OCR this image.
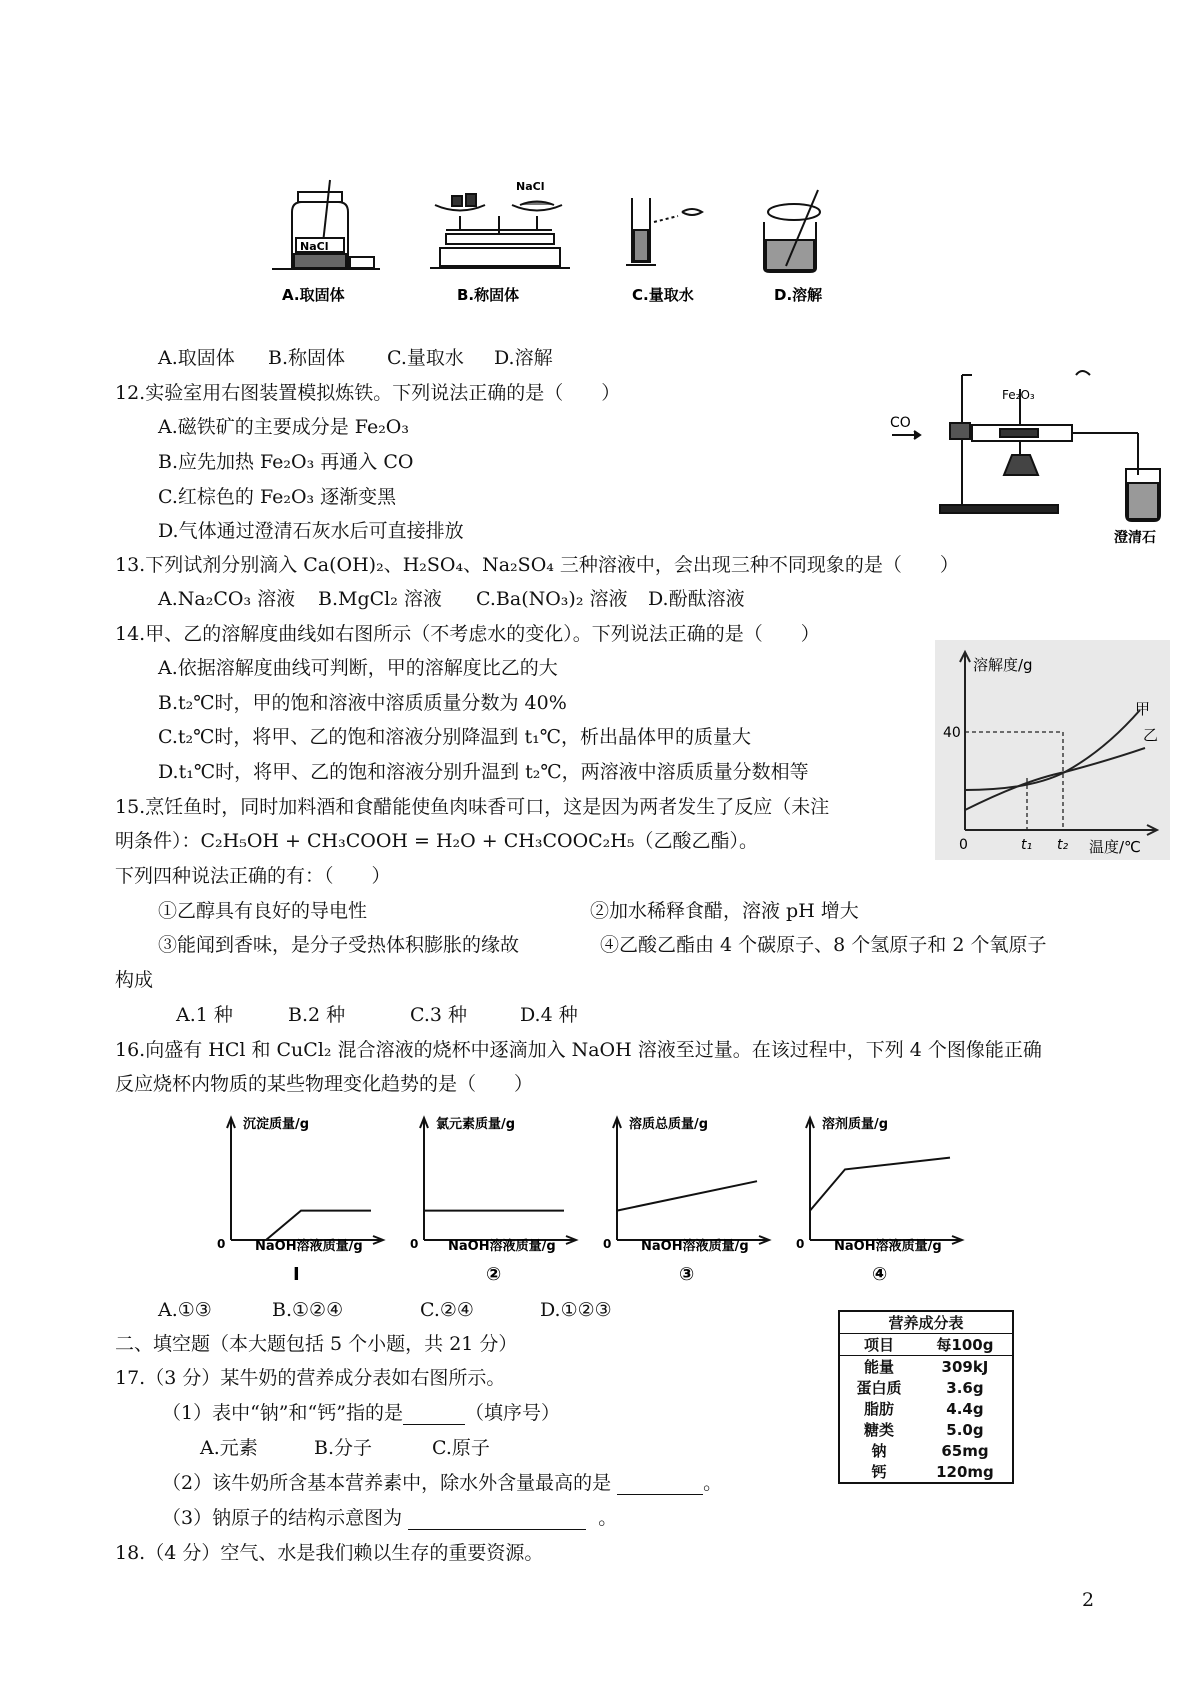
NaCl
NaCl
A.取固体	B.称固体	C.量取水	D.溶解
A.取固体 B.称固体 C.量取水 D.溶解
12.实验室用右图装置模拟炼铁。下列说法正确的是（　　）
A.磁铁矿的主要成分是 Fe₂O₃
B.应先加热 Fe₂O₃ 再通入 CO
C.红棕色的 Fe₂O₃ 逐渐变黑
D.气体通过澄清石灰水后可直接排放
CO
Fe₂O₃
澄清石
13.下列试剂分别滴入 Ca(OH)₂、H₂SO₄、Na₂SO₄ 三种溶液中，会出现三种不同现象的是（　　）
A.Na₂CO₃ 溶液 B.MgCl₂ 溶液 C.Ba(NO₃)₂ 溶液 D.酚酞溶液
14.甲、乙的溶解度曲线如右图所示（不考虑水的变化）。下列说法正确的是（　　）
A.依据溶解度曲线可判断，甲的溶解度比乙的大
B.t₂℃时，甲的饱和溶液中溶质质量分数为 40%
C.t₂℃时，将甲、乙的饱和溶液分别降温到 t₁℃，析出晶体甲的质量大
D.t₁℃时，将甲、乙的饱和溶液分别升温到 t₂℃，两溶液中溶质质量分数相等
溶解度/g
40
0	t₁ t₂ 温度/℃
甲
乙
15.烹饪鱼时，同时加料酒和食醋能使鱼肉味香可口，这是因为两者发生了反应（未注
明条件）：C₂H₅OH + CH₃COOH = H₂O + CH₃COOC₂H₅（乙酸乙酯）。
下列四种说法正确的有：（　　）
①乙醇具有良好的导电性	②加水稀释食醋，溶液 pH 增大
③能闻到香味，是分子受热体积膨胀的缘故	④乙酸乙酯由 4 个碳原子、8 个氢原子和 2 个氧原子
构成
A.1 种	B.2 种	C.3 种	D.4 种
16.向盛有 HCl 和 CuCl₂ 混合溶液的烧杯中逐滴加入 NaOH 溶液至过量。在该过程中，下列 4 个图像能正确
反应烧杯内物质的某些物理变化趋势的是（　　）
沉淀质量/g
0 NaOH溶液质量/g
I
氯元素质量/g
0 NaOH溶液质量/g
②
溶质总质量/g
0 NaOH溶液质量/g
③
溶剂质量/g
0 NaOH溶液质量/g
④
A.①③	B.①②④	C.②④	D.①②③
二、填空题（本大题包括 5 个小题，共 21 分）
17.（3 分）某牛奶的营养成分表如右图所示。
（1）表中“钠”和“钙”指的是	（填序号）
A.元素	B.分子	C.原子
（2）该牛奶所含基本营养素中，除水外含量最高的是	。
（3）钠原子的结构示意图为	。
营养成分表	
项目	每100g
能量	309kJ
蛋白质	3.6g
脂肪	4.4g
糖类	5.0g
钠	65mg
钙	120mg
18.（4 分）空气、水是我们赖以生存的重要资源。
2
